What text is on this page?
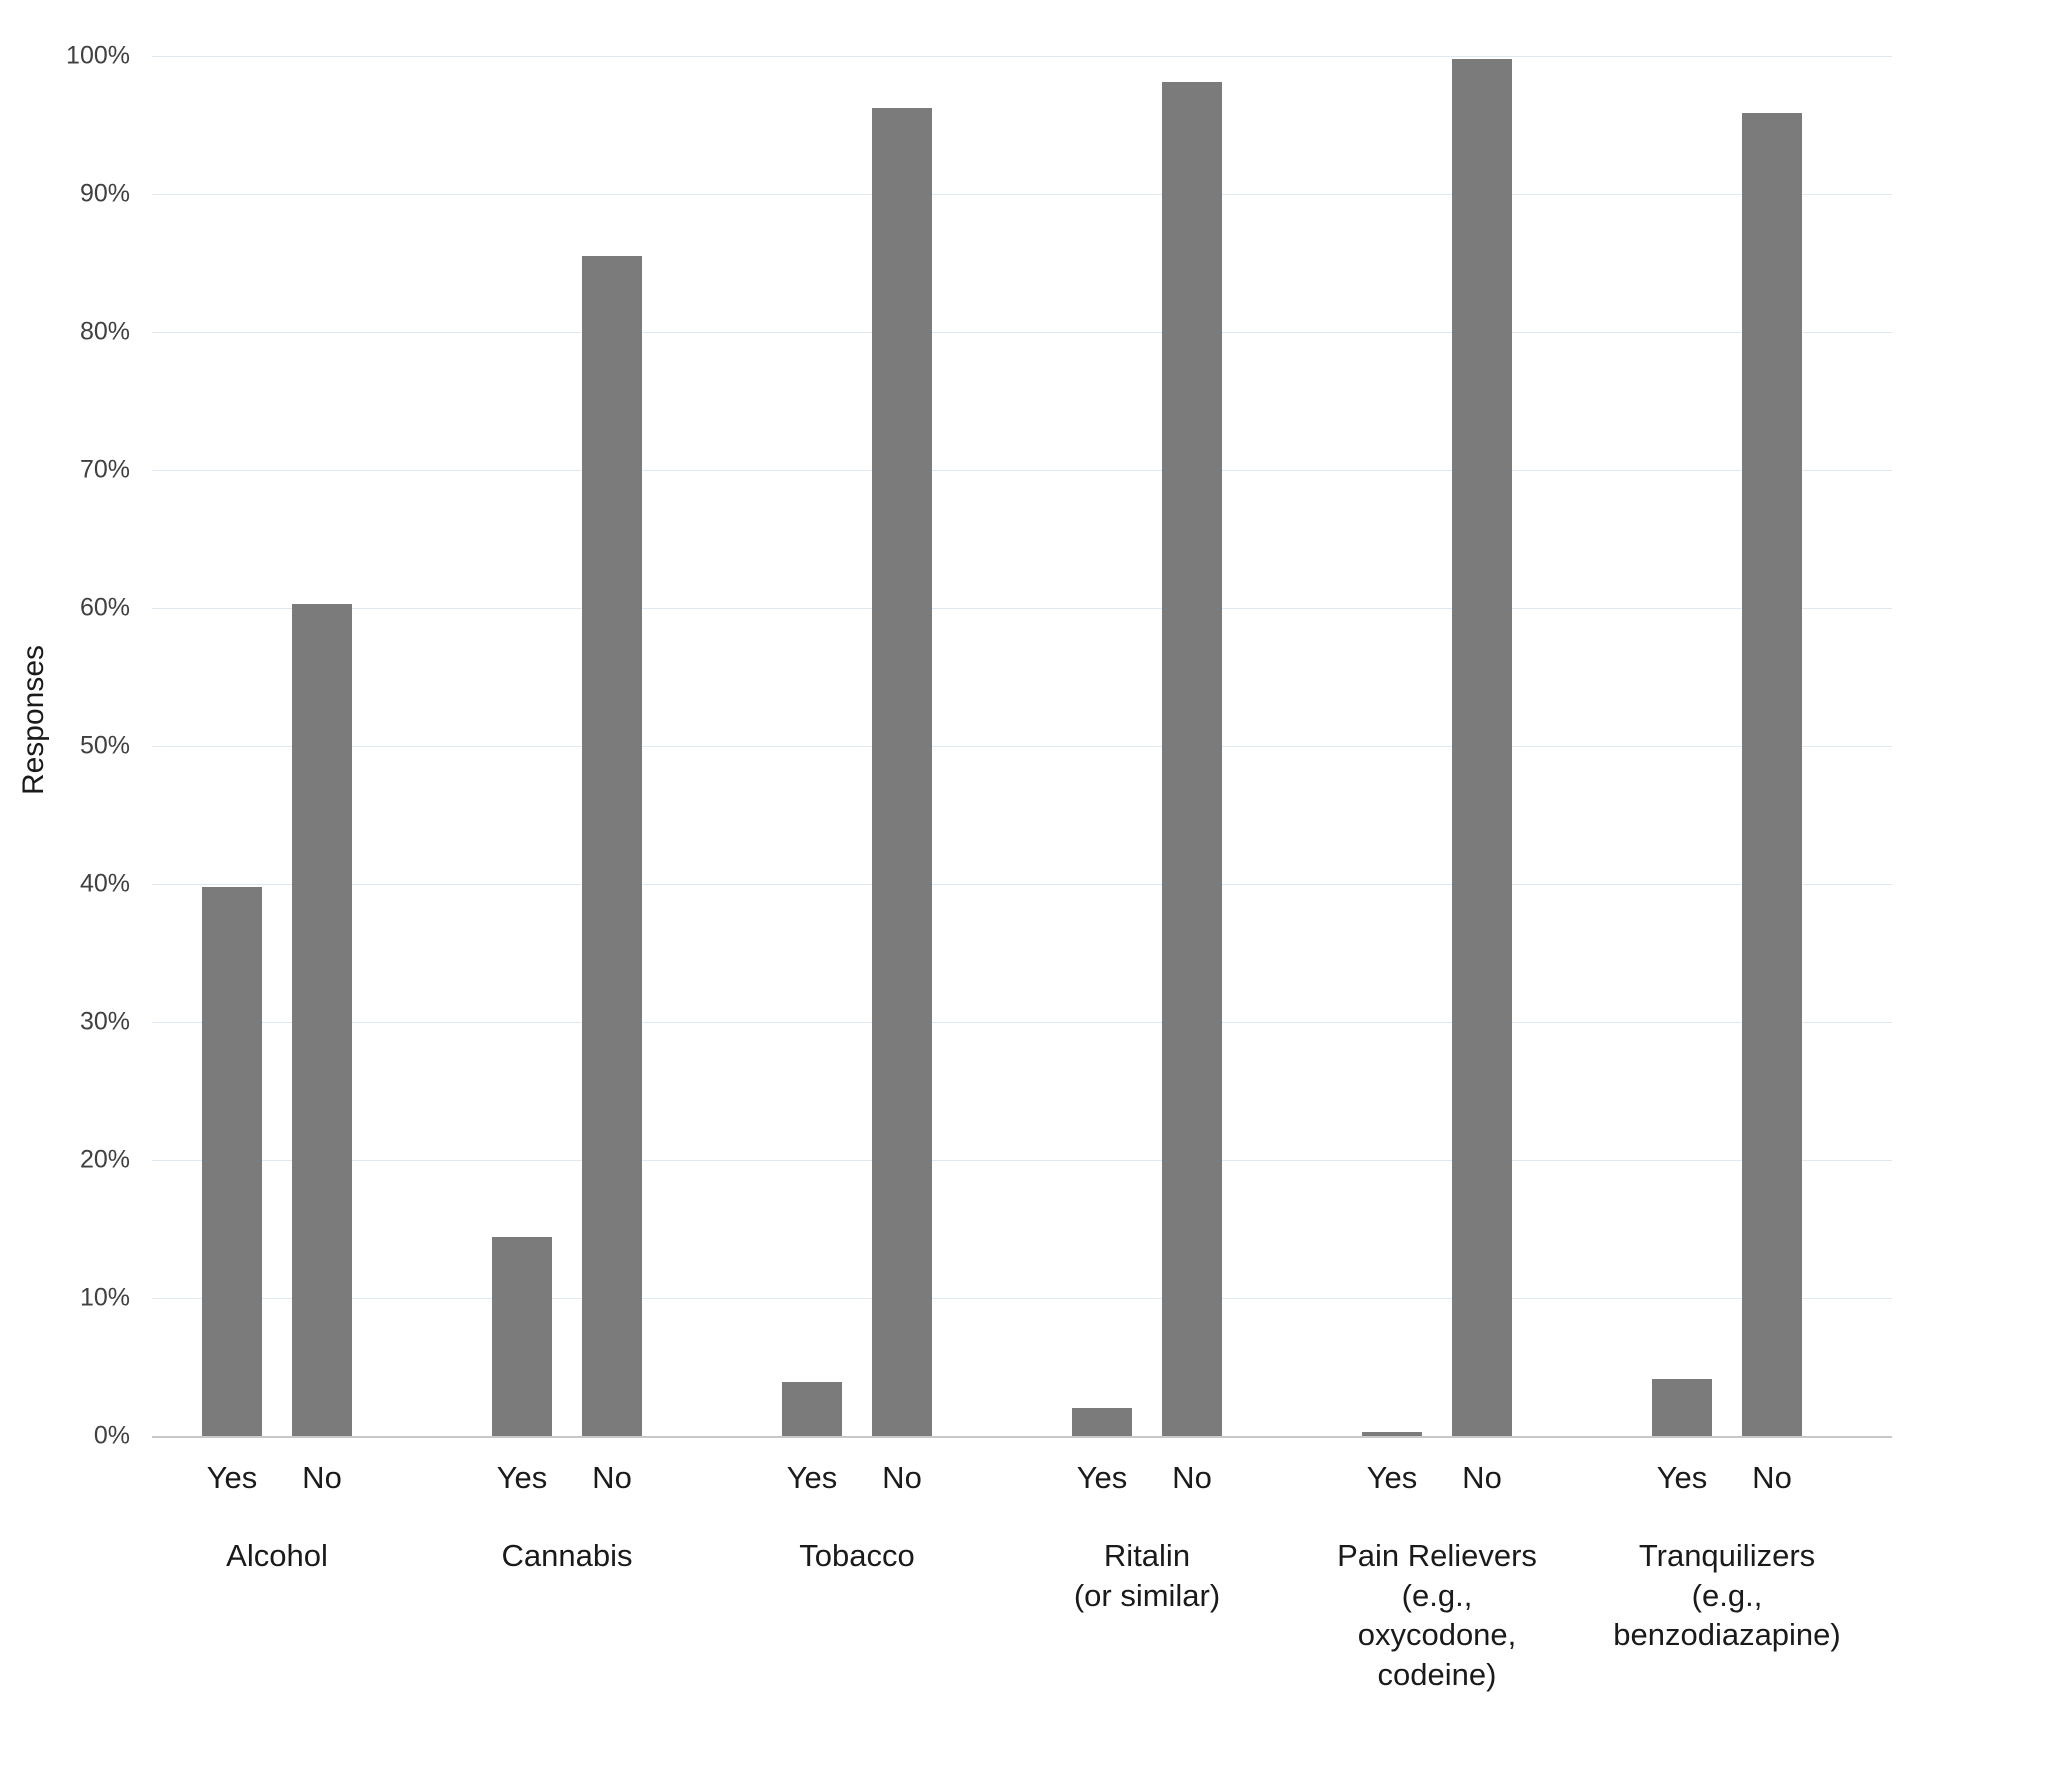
Responses
0%
10%
20%
30%
40%
50%
60%
70%
80%
90%
100%
Yes No
Alcohol
Yes No
Cannabis
Yes No
Tobacco
Yes No
Ritalin
(or similar)
Yes No
Pain Relievers
(e.g.,
oxycodone,
codeine)
Yes No
Tranquilizers
(e.g.,
benzodiazapine)
